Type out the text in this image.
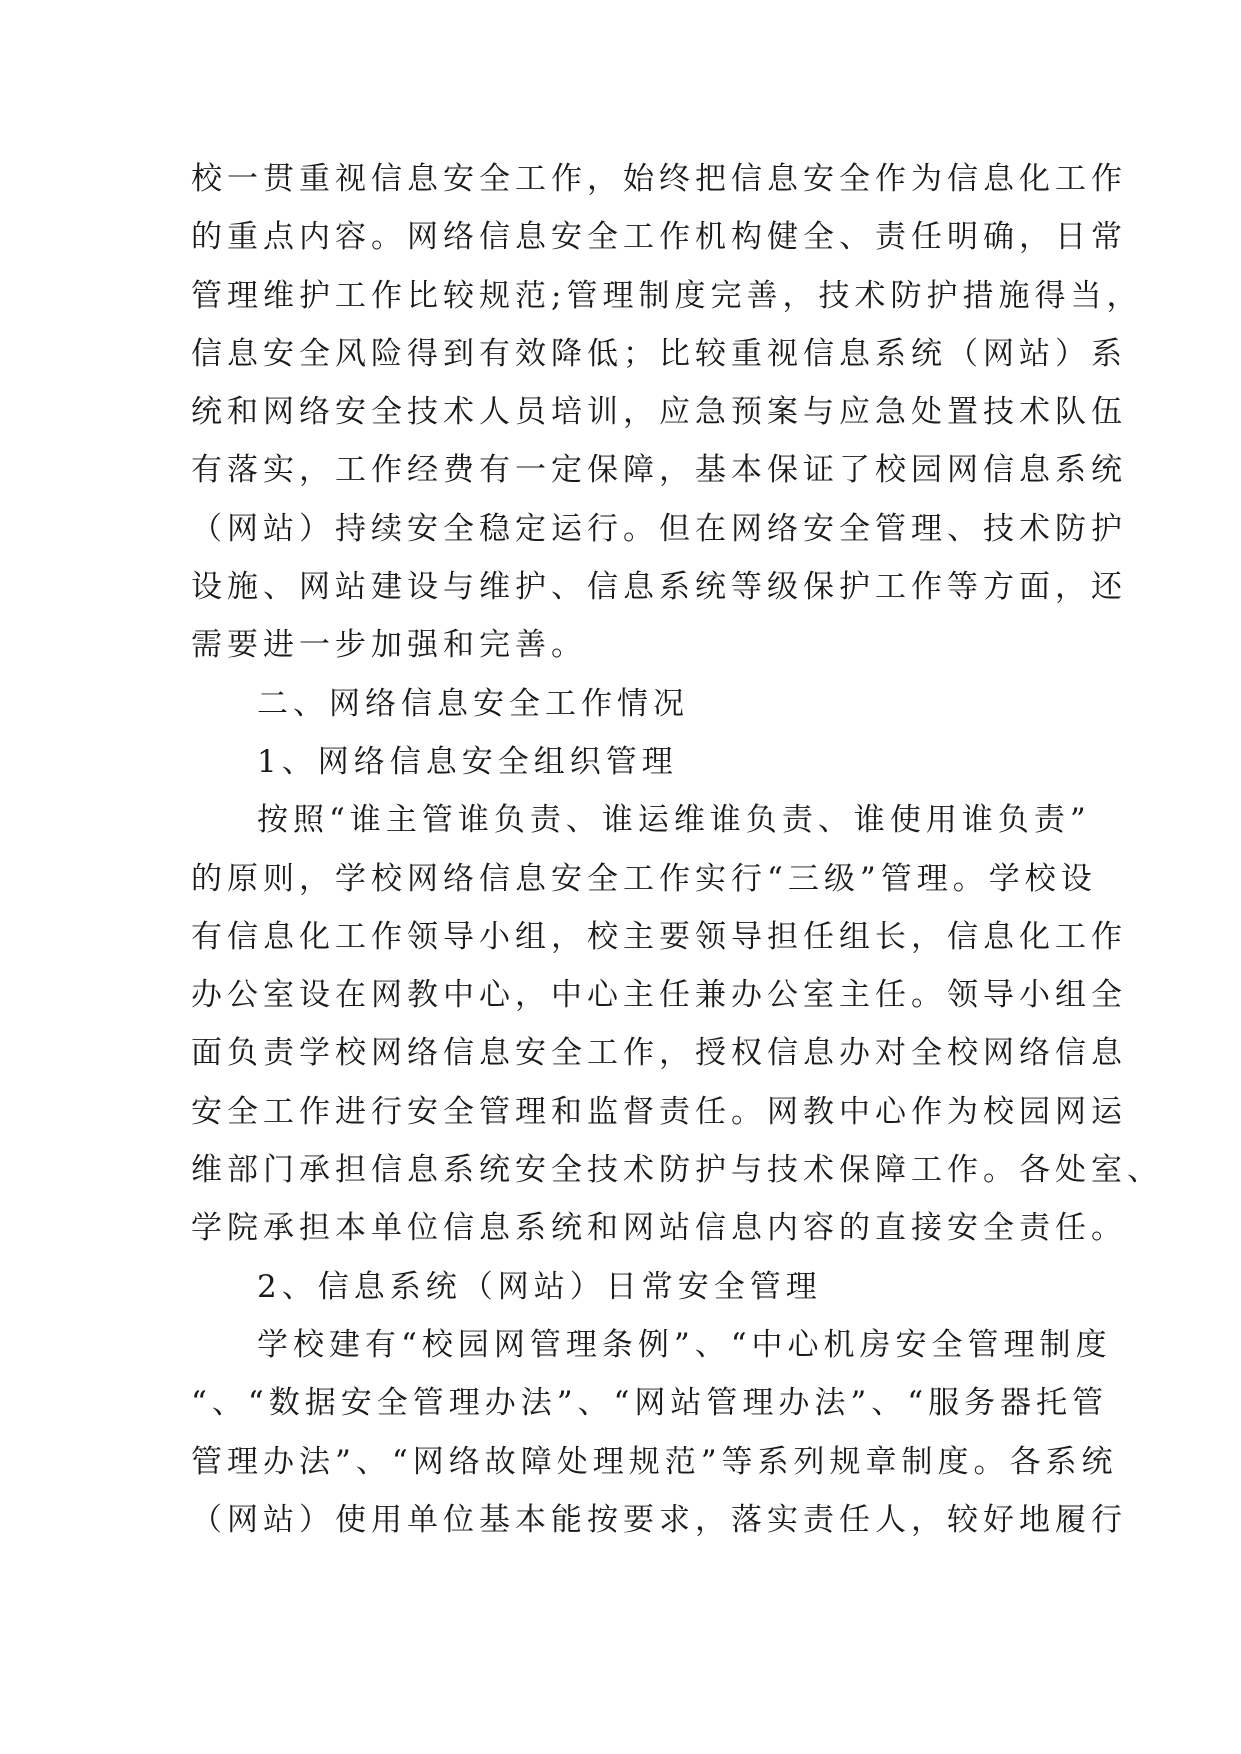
校一贯重视信息安全工作，始终把信息安全作为信息化工作
的重点内容。网络信息安全工作机构健全、责任明确，日常
管理维护工作比较规范;管理制度完善，技术防护措施得当，
信息安全风险得到有效降低；比较重视信息系统（网站）系
统和网络安全技术人员培训，应急预案与应急处置技术队伍
有落实，工作经费有一定保障，基本保证了校园网信息系统
（网站）持续安全稳定运行。但在网络安全管理、技术防护
设施、网站建设与维护、信息系统等级保护工作等方面，还
需要进一步加强和完善。
二、网络信息安全工作情况
1、网络信息安全组织管理
按照“谁主管谁负责、谁运维谁负责、谁使用谁负责”
的原则，学校网络信息安全工作实行“三级”管理。学校设
有信息化工作领导小组，校主要领导担任组长，信息化工作
办公室设在网教中心，中心主任兼办公室主任。领导小组全
面负责学校网络信息安全工作，授权信息办对全校网络信息
安全工作进行安全管理和监督责任。网教中心作为校园网运
维部门承担信息系统安全技术防护与技术保障工作。各处室、
学院承担本单位信息系统和网站信息内容的直接安全责任。
2、信息系统（网站）日常安全管理
学校建有“校园网管理条例”、“中心机房安全管理制度
“、“数据安全管理办法”、“网站管理办法”、“服务器托管
管理办法”、“网络故障处理规范”等系列规章制度。各系统
（网站）使用单位基本能按要求，落实责任人，较好地履行
